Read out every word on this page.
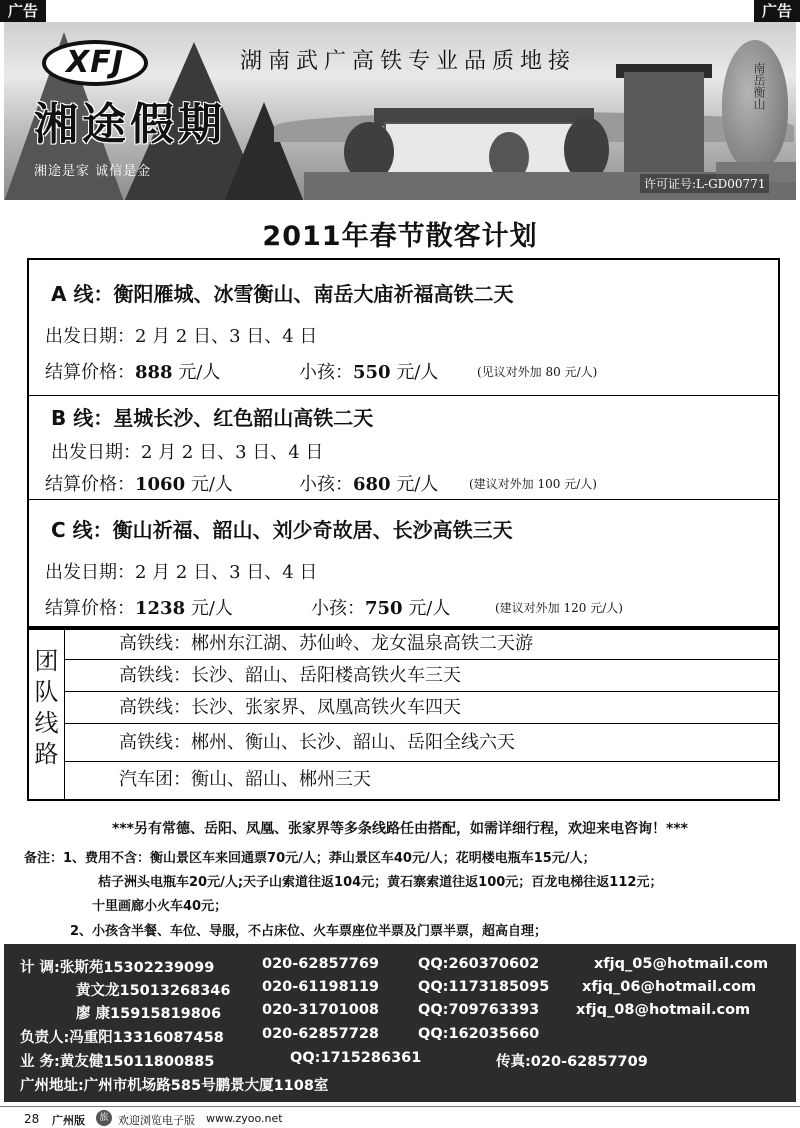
广告	广告
南岳衡山
XFJ
湘途假期
湘途是家 诚信是金
湖南武广高铁专业品质地接
许可证号:L-GD00771
2011年春节散客计划
A 线：衡阳雁城、冰雪衡山、南岳大庙祈福高铁二天
出发日期：2 月 2 日、3 日、4 日
结算价格：888 元/人	小孩：550 元/人	(见议对外加 80 元/人)
B 线：星城长沙、红色韶山高铁二天
出发日期：2 月 2 日、3 日、4 日
结算价格：1060 元/人	小孩：680 元/人	(建议对外加 100 元/人)
C 线：衡山祈福、韶山、刘少奇故居、长沙高铁三天
出发日期：2 月 2 日、3 日、4 日
结算价格：1238 元/人	小孩：750 元/人	(建议对外加 120 元/人)
团
队
线
路
高铁线：郴州东江湖、苏仙岭、龙女温泉高铁二天游
高铁线：长沙、韶山、岳阳楼高铁火车三天
高铁线：长沙、张家界、凤凰高铁火车四天
高铁线：郴州、衡山、长沙、韶山、岳阳全线六天
汽车团：衡山、韶山、郴州三天
***另有常德、岳阳、凤凰、张家界等多条线路任由搭配，如需详细行程，欢迎来电咨询！***
备注：1、费用不含：衡山景区车来回通票70元/人；莽山景区车40元/人；花明楼电瓶车15元/人；
桔子洲头电瓶车20元/人;天子山索道往返104元；黄石寨索道往返100元；百龙电梯往返112元；
十里画廊小火车40元；
2、小孩含半餐、车位、导服，不占床位、火车票座位半票及门票半票，超高自理；
计 调:张斯苑15302239099	020-62857769	QQ:260370602	xfjq_05@hotmail.com
黄文龙15013268346 020-61198119	QQ:1173185095 xfjq_06@hotmail.com
廖 康15915819806	020-31701008	QQ:709763393	xfjq_08@hotmail.com
负责人:冯重阳13316087458	020-62857728	QQ:162035660
业 务:黄友健15011800885	QQ:1715286361	传真:020-62857709
广州地址:广州市机场路585号鹏景大厦1108室
28 广州版	旅 欢迎浏览电子版 www.zyoo.net
